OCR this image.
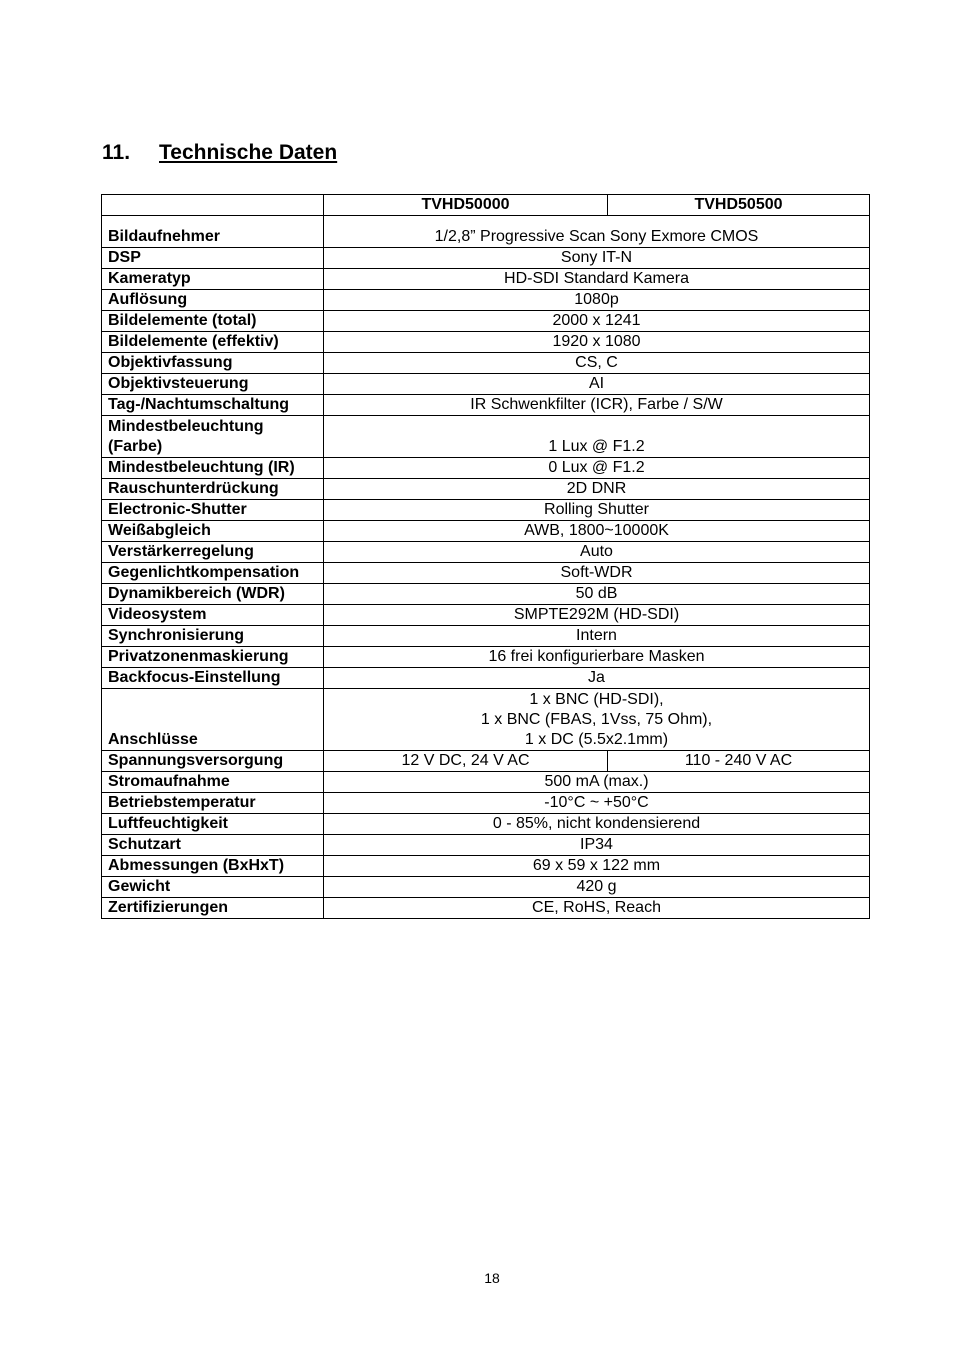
11. Technische Daten
	TVHD50000	TVHD50500
Bildaufnehmer	1/2,8” Progressive Scan Sony Exmore CMOS	
DSP	Sony IT-N	
Kameratyp	HD-SDI Standard Kamera	
Auflösung	1080p	
Bildelemente (total)	2000 x 1241	
Bildelemente (effektiv)	1920 x 1080	
Objektivfassung	CS, C	
Objektivsteuerung	AI	
Tag-/Nachtumschaltung	IR Schwenkfilter (ICR), Farbe / S/W	
Mindestbeleuchtung
(Farbe)	1 Lux @ F1.2	
Mindestbeleuchtung (IR)	0 Lux @ F1.2	
Rauschunterdrückung	2D DNR	
Electronic-Shutter	Rolling Shutter	
Weißabgleich	AWB, 1800~10000K	
Verstärkerregelung	Auto	
Gegenlichtkompensation	Soft-WDR	
Dynamikbereich (WDR)	50 dB	
Videosystem	SMPTE292M (HD-SDI)	
Synchronisierung	Intern	
Privatzonenmaskierung	16 frei konfigurierbare Masken	
Backfocus-Einstellung	Ja	
Anschlüsse	1 x BNC (HD-SDI),
1 x BNC (FBAS, 1Vss, 75 Ohm),
1 x DC (5.5x2.1mm)	
Spannungsversorgung	12 V DC, 24 V AC	110 - 240 V AC
Stromaufnahme	500 mA (max.)	
Betriebstemperatur	-10°C ~ +50°C	
Luftfeuchtigkeit	0 - 85%, nicht kondensierend	
Schutzart	IP34	
Abmessungen (BxHxT)	69 x 59 x 122 mm	
Gewicht	420 g	
Zertifizierungen	CE, RoHS, Reach	
18
